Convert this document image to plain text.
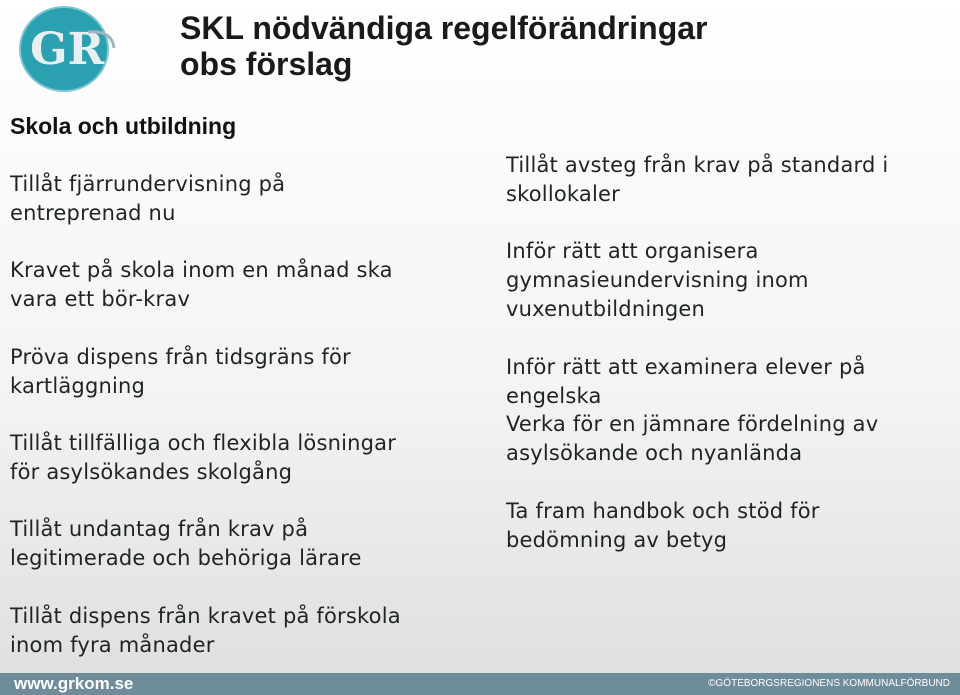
GR SKL nödvändiga regelförändringar
obs förslag
Skola och utbildning

Tillåt fjärrundervisning på
entreprenad nu

Kravet på skola inom en månad ska
vara ett bör-krav

Pröva dispens från tidsgräns för
kartläggning

Tillåt tillfälliga och flexibla lösningar
för asylsökandes skolgång

Tillåt undantag från krav på
legitimerade och behöriga lärare

Tillåt dispens från kravet på förskola
inom fyra månader

Tillåt avsteg från krav på standard i
skollokaler

Inför rätt att organisera
gymnasieundervisning inom
vuxenutbildningen

Inför rätt att examinera elever på
engelska

Verka för en jämnare fördelning av
asylsökande och nyanlända

Ta fram handbok och stöd för
bedömning av betyg

www.grkom.se	©GÖTEBORGSREGIONENS KOMMUNALFÖRBUND
